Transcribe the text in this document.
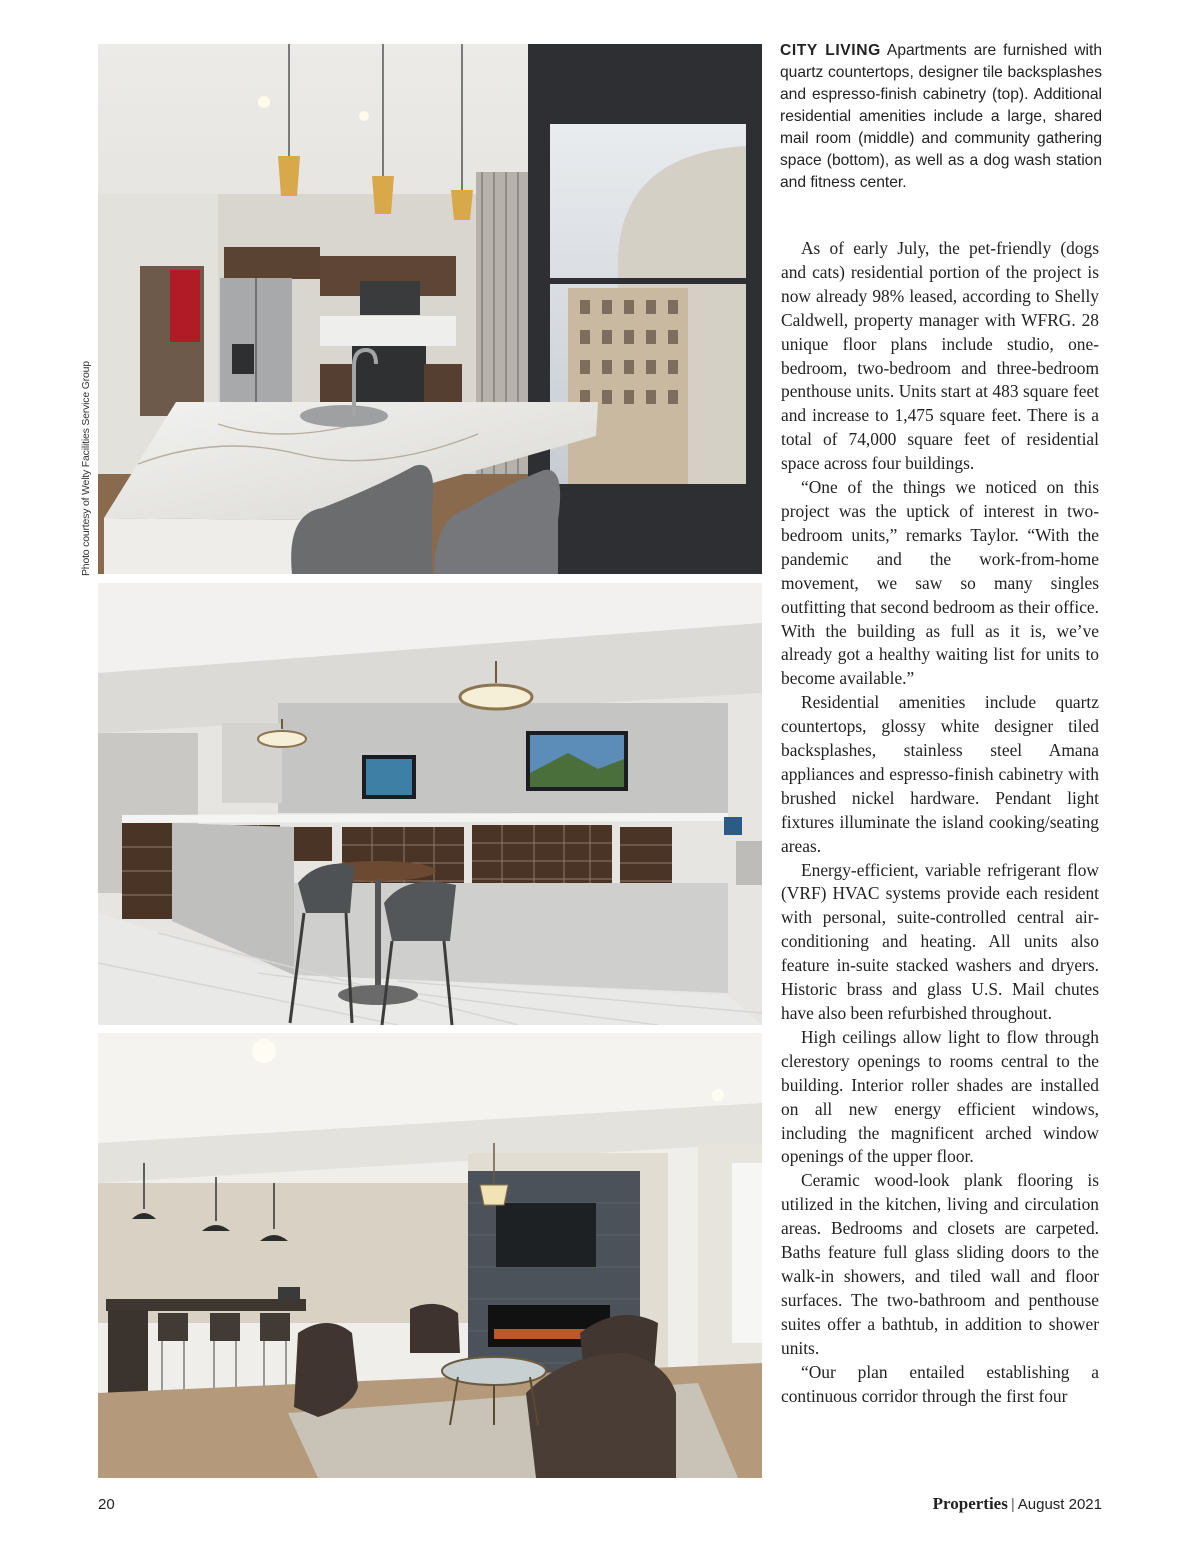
Photo courtesy of Welty Facilities Service Group

CITY LIVING Apartments are furnished with quartz countertops, designer tile backsplashes and espresso-finish cabinetry (top). Additional residential amenities include a large, shared mail room (middle) and community gathering space (bottom), as well as a dog wash station and fitness center.

As of early July, the pet-friendly (dogs and cats) residential portion of the project is now already 98% leased, according to Shelly Caldwell, property manager with WFRG. 28 unique floor plans include studio, one-bedroom, two-bedroom and three-bedroom penthouse units. Units start at 483 square feet and increase to 1,475 square feet. There is a total of 74,000 square feet of residential space across four buildings.

“One of the things we noticed on this project was the uptick of interest in two-bedroom units,” remarks Taylor. “With the pandemic and the work-from-home movement, we saw so many singles outfitting that second bedroom as their office. With the building as full as it is, we’ve already got a healthy waiting list for units to become available.”

Residential amenities include quartz countertops, glossy white designer tiled backsplashes, stainless steel Amana appliances and espresso-finish cabinetry with brushed nickel hardware. Pendant light fixtures illuminate the island cooking/seating areas.

Energy-efficient, variable refrigerant flow (VRF) HVAC systems provide each resident with personal, suite-controlled central air-conditioning and heating. All units also feature in-suite stacked washers and dryers. Historic brass and glass U.S. Mail chutes have also been refurbished throughout.

High ceilings allow light to flow through clerestory openings to rooms central to the building. Interior roller shades are installed on all new energy efficient windows, including the magnificent arched window openings of the upper floor.

Ceramic wood-look plank flooring is utilized in the kitchen, living and circulation areas. Bedrooms and closets are carpeted. Baths feature full glass sliding doors to the walk-in showers, and tiled wall and floor surfaces. The two-bathroom and penthouse suites offer a bathtub, in addition to shower units.

“Our plan entailed establishing a continuous corridor through the first four

20	Properties | August 2021
